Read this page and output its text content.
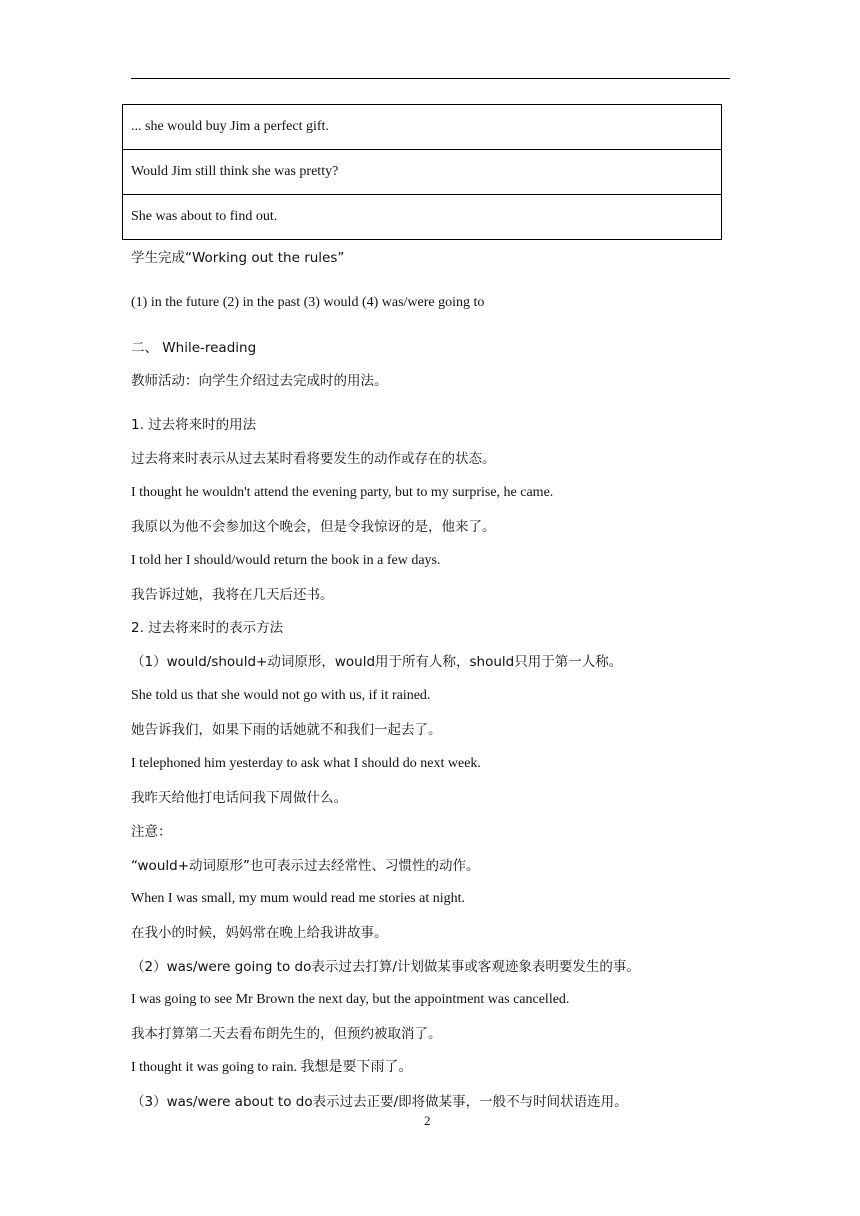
... she would buy Jim a perfect gift.
Would Jim still think she was pretty?
She was about to find out.
学生完成“Working out the rules”
(1) in the future (2) in the past (3) would (4) was/were going to
二、 While-reading
教师活动：向学生介绍过去完成时的用法。
1. 过去将来时的用法
过去将来时表示从过去某时看将要发生的动作或存在的状态。
I thought he wouldn't attend the evening party, but to my surprise, he came.
我原以为他不会参加这个晚会，但是令我惊讶的是，他来了。
I told her I should/would return the book in a few days.
我告诉过她，我将在几天后还书。
2. 过去将来时的表示方法
（1）would/should+动词原形，would用于所有人称，should只用于第一人称。
She told us that she would not go with us, if it rained.
她告诉我们，如果下雨的话她就不和我们一起去了。
I telephoned him yesterday to ask what I should do next week.
我昨天给他打电话问我下周做什么。
注意：
“would+动词原形”也可表示过去经常性、习惯性的动作。
When I was small, my mum would read me stories at night.
在我小的时候，妈妈常在晚上给我讲故事。
（2）was/were going to do表示过去打算/计划做某事或客观迹象表明要发生的事。
I was going to see Mr Brown the next day, but the appointment was cancelled.
我本打算第二天去看布朗先生的，但预约被取消了。
I thought it was going to rain. 我想是要下雨了。
（3）was/were about to do表示过去正要/即将做某事，一般不与时间状语连用。
2
